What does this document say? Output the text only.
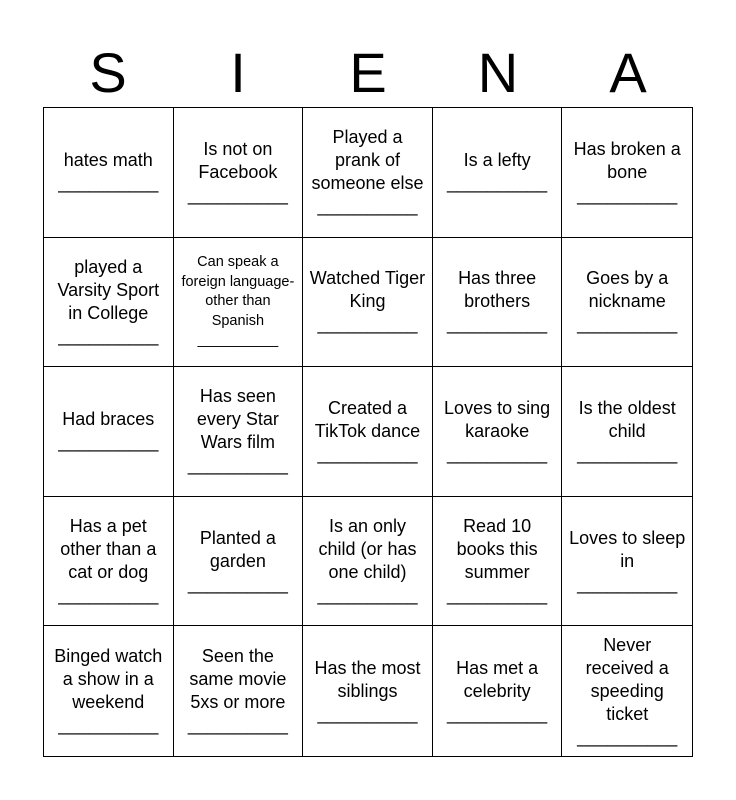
S	I	E	N	A
hates math
__________
Is not on Facebook
__________
Played a prank of someone else
__________
Is a lefty
__________
Has broken a bone
__________
played a Varsity Sport in College
__________
Can speak a foreign language- other than Spanish
__________
Watched Tiger King
__________
Has three brothers
__________
Goes by a nickname
__________
Had braces
__________
Has seen every Star Wars film
__________
Created a TikTok dance
__________
Loves to sing karaoke
__________
Is the oldest child
__________
Has a pet other than a cat or dog
__________
Planted a garden
__________
Is an only child (or has one child)
__________
Read 10 books this summer
__________
Loves to sleep in
__________
Binged watch a show in a weekend
__________
Seen the same movie 5xs or more
__________
Has the most siblings
__________
Has met a celebrity
__________
Never received a speeding ticket
__________
